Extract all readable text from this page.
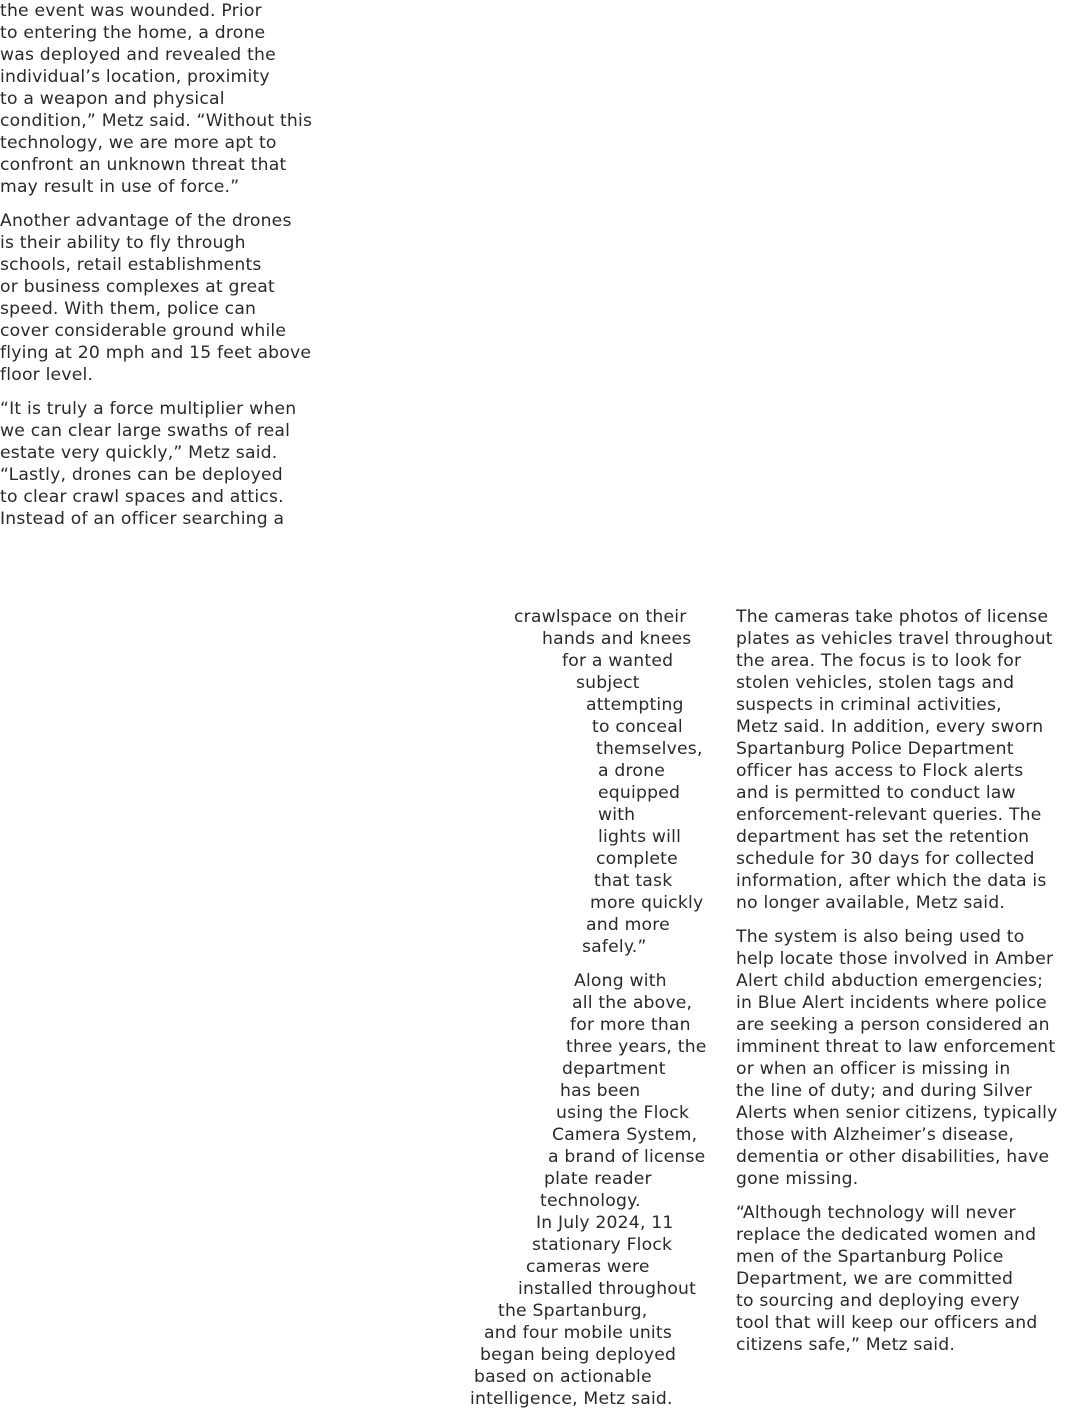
the event was wounded. Prior
to entering the home, a drone
was deployed and revealed the
individual’s location, proximity
to a weapon and physical
condition,” Metz said. “Without this
technology, we are more apt to
confront an unknown threat that
may result in use of force.”
Another advantage of the drones
is their ability to fly through
schools, retail establishments
or business complexes at great
speed. With them, police can
cover considerable ground while
flying at 20 mph and 15 feet above
floor level.
“It is truly a force multiplier when
we can clear large swaths of real
estate very quickly,” Metz said.
“Lastly, drones can be deployed
to clear crawl spaces and attics.
Instead of an officer searching a
crawlspace on their
hands and knees
for a wanted
subject
attempting
to conceal
themselves,
a drone
equipped
with
lights will
complete
that task
more quickly
and more
safely.”
Along with
all the above,
for more than
three years, the
department
has been
using the Flock
Camera System,
a brand of license
plate reader
technology.
In July 2024, 11
stationary Flock
cameras were
installed throughout
the Spartanburg,
and four mobile units
began being deployed
based on actionable
intelligence, Metz said.
The cameras take photos of license
plates as vehicles travel throughout
the area. The focus is to look for
stolen vehicles, stolen tags and
suspects in criminal activities,
Metz said. In addition, every sworn
Spartanburg Police Department
officer has access to Flock alerts
and is permitted to conduct law
enforcement-relevant queries. The
department has set the retention
schedule for 30 days for collected
information, after which the data is
no longer available, Metz said.
The system is also being used to
help locate those involved in Amber
Alert child abduction emergencies;
in Blue Alert incidents where police
are seeking a person considered an
imminent threat to law enforcement
or when an officer is missing in
the line of duty; and during Silver
Alerts when senior citizens, typically
those with Alzheimer’s disease,
dementia or other disabilities, have
gone missing.
“Although technology will never
replace the dedicated women and
men of the Spartanburg Police
Department, we are committed
to sourcing and deploying every
tool that will keep our officers and
citizens safe,” Metz said.
